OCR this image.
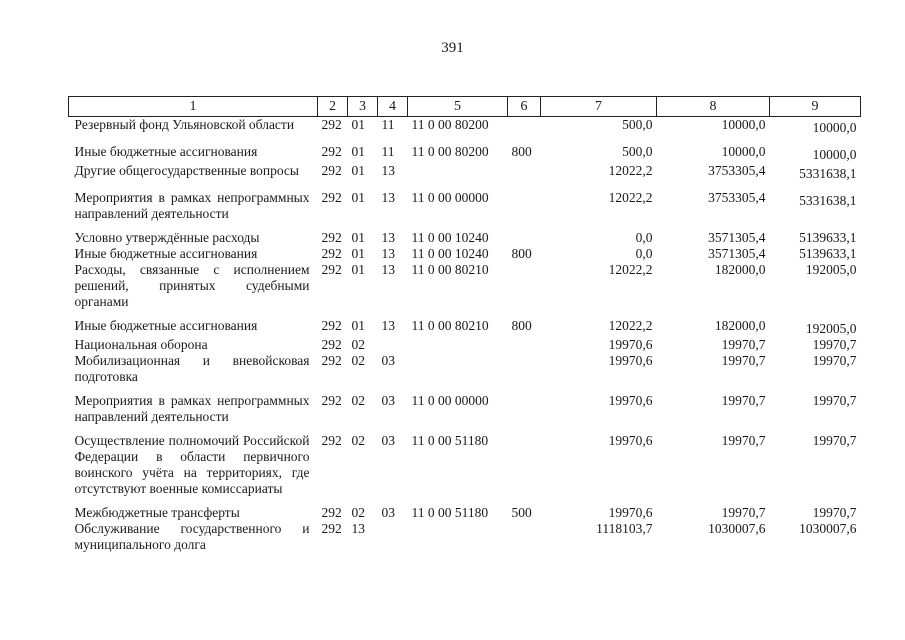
391
1	2	3	4	5	6	7	8	9
Резервный фонд Ульяновской области	292	01	11	11 0 00 80200		500,0	10000,0	10000,0
Иные бюджетные ассигнования	292	01	11	11 0 00 80200	800	500,0	10000,0	10000,0
Другие общегосударственные вопросы	292	01	13			12022,2	3753305,4	5331638,1
Мероприятия в рамках непрограммных направлений деятельности	292	01	13	11 0 00 00000		12022,2	3753305,4	5331638,1
Условно утверждённые расходы	292	01	13	11 0 00 10240		0,0	3571305,4	5139633,1
Иные бюджетные ассигнования	292	01	13	11 0 00 10240	800	0,0	3571305,4	5139633,1
Расходы, связанные с исполнением решений, принятых судебными органами	292	01	13	11 0 00 80210		12022,2	182000,0	192005,0
Иные бюджетные ассигнования	292	01	13	11 0 00 80210	800	12022,2	182000,0	192005,0
Национальная оборона	292	02				19970,6	19970,7	19970,7
Мобилизационная и вневойсковая подготовка	292	02	03			19970,6	19970,7	19970,7
Мероприятия в рамках непрограммных направлений деятельности	292	02	03	11 0 00 00000		19970,6	19970,7	19970,7
Осуществление полномочий Российской Федерации в области первичного воинского учёта на территориях, где отсутствуют военные комиссариаты	292	02	03	11 0 00 51180		19970,6	19970,7	19970,7
Межбюджетные трансферты	292	02	03	11 0 00 51180	500	19970,6	19970,7	19970,7
Обслуживание государственного и муниципального долга	292	13				1118103,7	1030007,6	1030007,6
